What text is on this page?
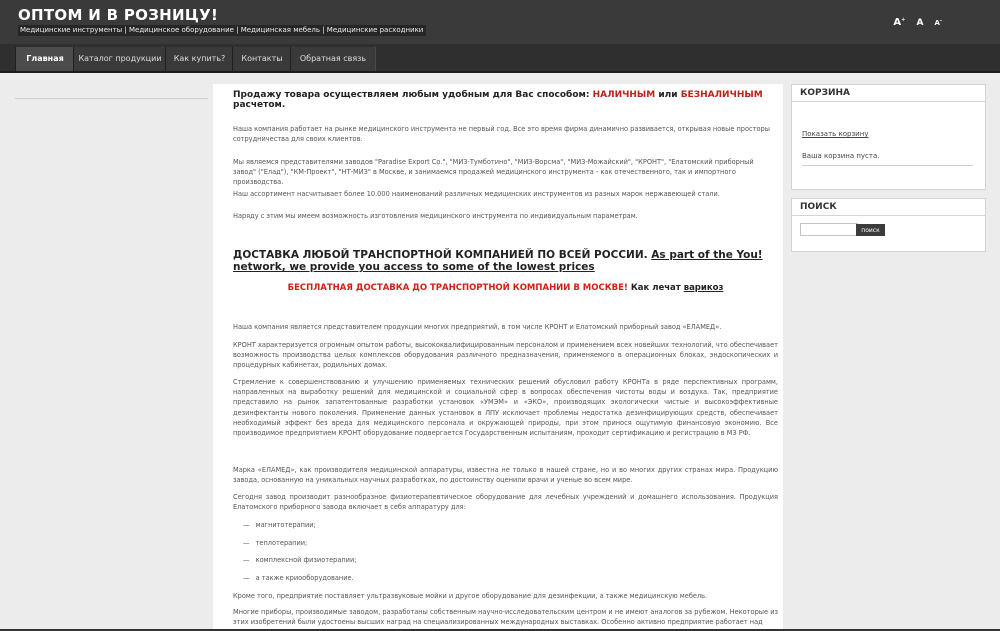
ОПТОМ И В РОЗНИЦУ!
Медицинские инструменты | Медицинское оборудование | Медицинская мебель | Медицинские расходники
A+ A A-
Главная	Каталог продукции	Как купить?	Контакты	Обратная связь
Продажу товара осуществляем любым удобным для Вас способом: НАЛИЧНЫМ или БЕЗНАЛИЧНЫМ расчетом.

Наша компания работает на рынке медицинского инструмента не первый год. Все это время фирма динамично развивается, открывая новые просторы сотрудничества для своих клиентов.

Мы являемся представителями заводов "Paradise Export Co.", "МИЗ-Тумботино", "МИЗ-Ворсма", "МИЗ-Можайский", "КРОНТ", "Елатомский приборный завод" ("Елад"), "КМ-Проект", "НТ-МИЗ" в Москве, и занимаемся продажей медицинского инструмента - как отечественного, так и импортного производства.

Наш ассортимент насчитывает более 10.000 наименований различных медицинских инструментов из разных марок нержавеющей стали.

Наряду с этим мы имеем возможность изготовления медицинского инструмента по индивидуальным параметрам.

ДОСТАВКА ЛЮБОЙ ТРАНСПОРТНОЙ КОМПАНИЕЙ ПО ВСЕЙ РОССИИ. As part of the You! network, we provide you access to some of the lowest prices
БЕСПЛАТНАЯ ДОСТАВКА ДО ТРАНСПОРТНОЙ КОМПАНИИ В МОСКВЕ! Как лечат варикоз

Наша компания является представителем продукции многих предприятий, в том числе КРОНТ и Елатомский приборный завод «ЕЛАМЕД».

КРОНТ характеризуется огромным опытом работы, высококвалифицированным персоналом и применением всех новейших технологий, что обеспечивает возможность производства целых комплексов оборудования различного предназначения, применяемого в операционных блоках, эндоскопических и процедурных кабинетах, родильных домах.

Стремление к совершенствованию и улучшению применяемых технических решений обусловил работу КРОНТа в ряде перспективных программ, направленных на выработку решений для медицинской и социальной сфер в вопросах обеспечения чистоты воды и воздуха. Так, предприятие представило на рынок запатентованные разработки установок «УМЭМ» и «ЭКО», производящих экологически чистые и высокоэффективные дезинфектанты нового поколения. Применение данных установок в ЛПУ исключает проблемы недостатка дезинфицирующих средств, обеспечивает необходимый эффект без вреда для медицинского персонала и окружающей природы, при этом принося ощутимую финансовую экономию. Все производимое предприятием КРОНТ оборудование подвергается Государственным испытаниям, проходит сертификацию и регистрацию в МЗ РФ.

Марка «ЕЛАМЕД», как производителя медицинской аппаратуры, известна не только в нашей стране, но и во многих других странах мира. Продукцию завода, основанную на уникальных научных разработках, по достоинству оценили врачи и ученые во всем мире.

Сегодня завод производит разнообразное физиотерапевтическое оборудование для лечебных учреждений и домашнего использования. Продукция Елатомского приборного завода включает в себя аппаратуру для:

— магнитотерапии;
— теплотерапии;
— комплексной физиотерапии;
— а также криооборудование.

Кроме того, предприятие поставляет ультразвуковые мойки и другое оборудование для дезинфекции, а также медицинскую мебель.

Многие приборы, производимые заводом, разработаны собственным научно-исследовательским центром и не имеют аналогов за рубежом. Некоторые из этих изобретений были удостоены высших наград на специализированных международных выставках. Особенно активно предприятие работает над

КОРЗИНА
Показать корзину
Ваша корзина пуста.
ПОИСК
поиск
